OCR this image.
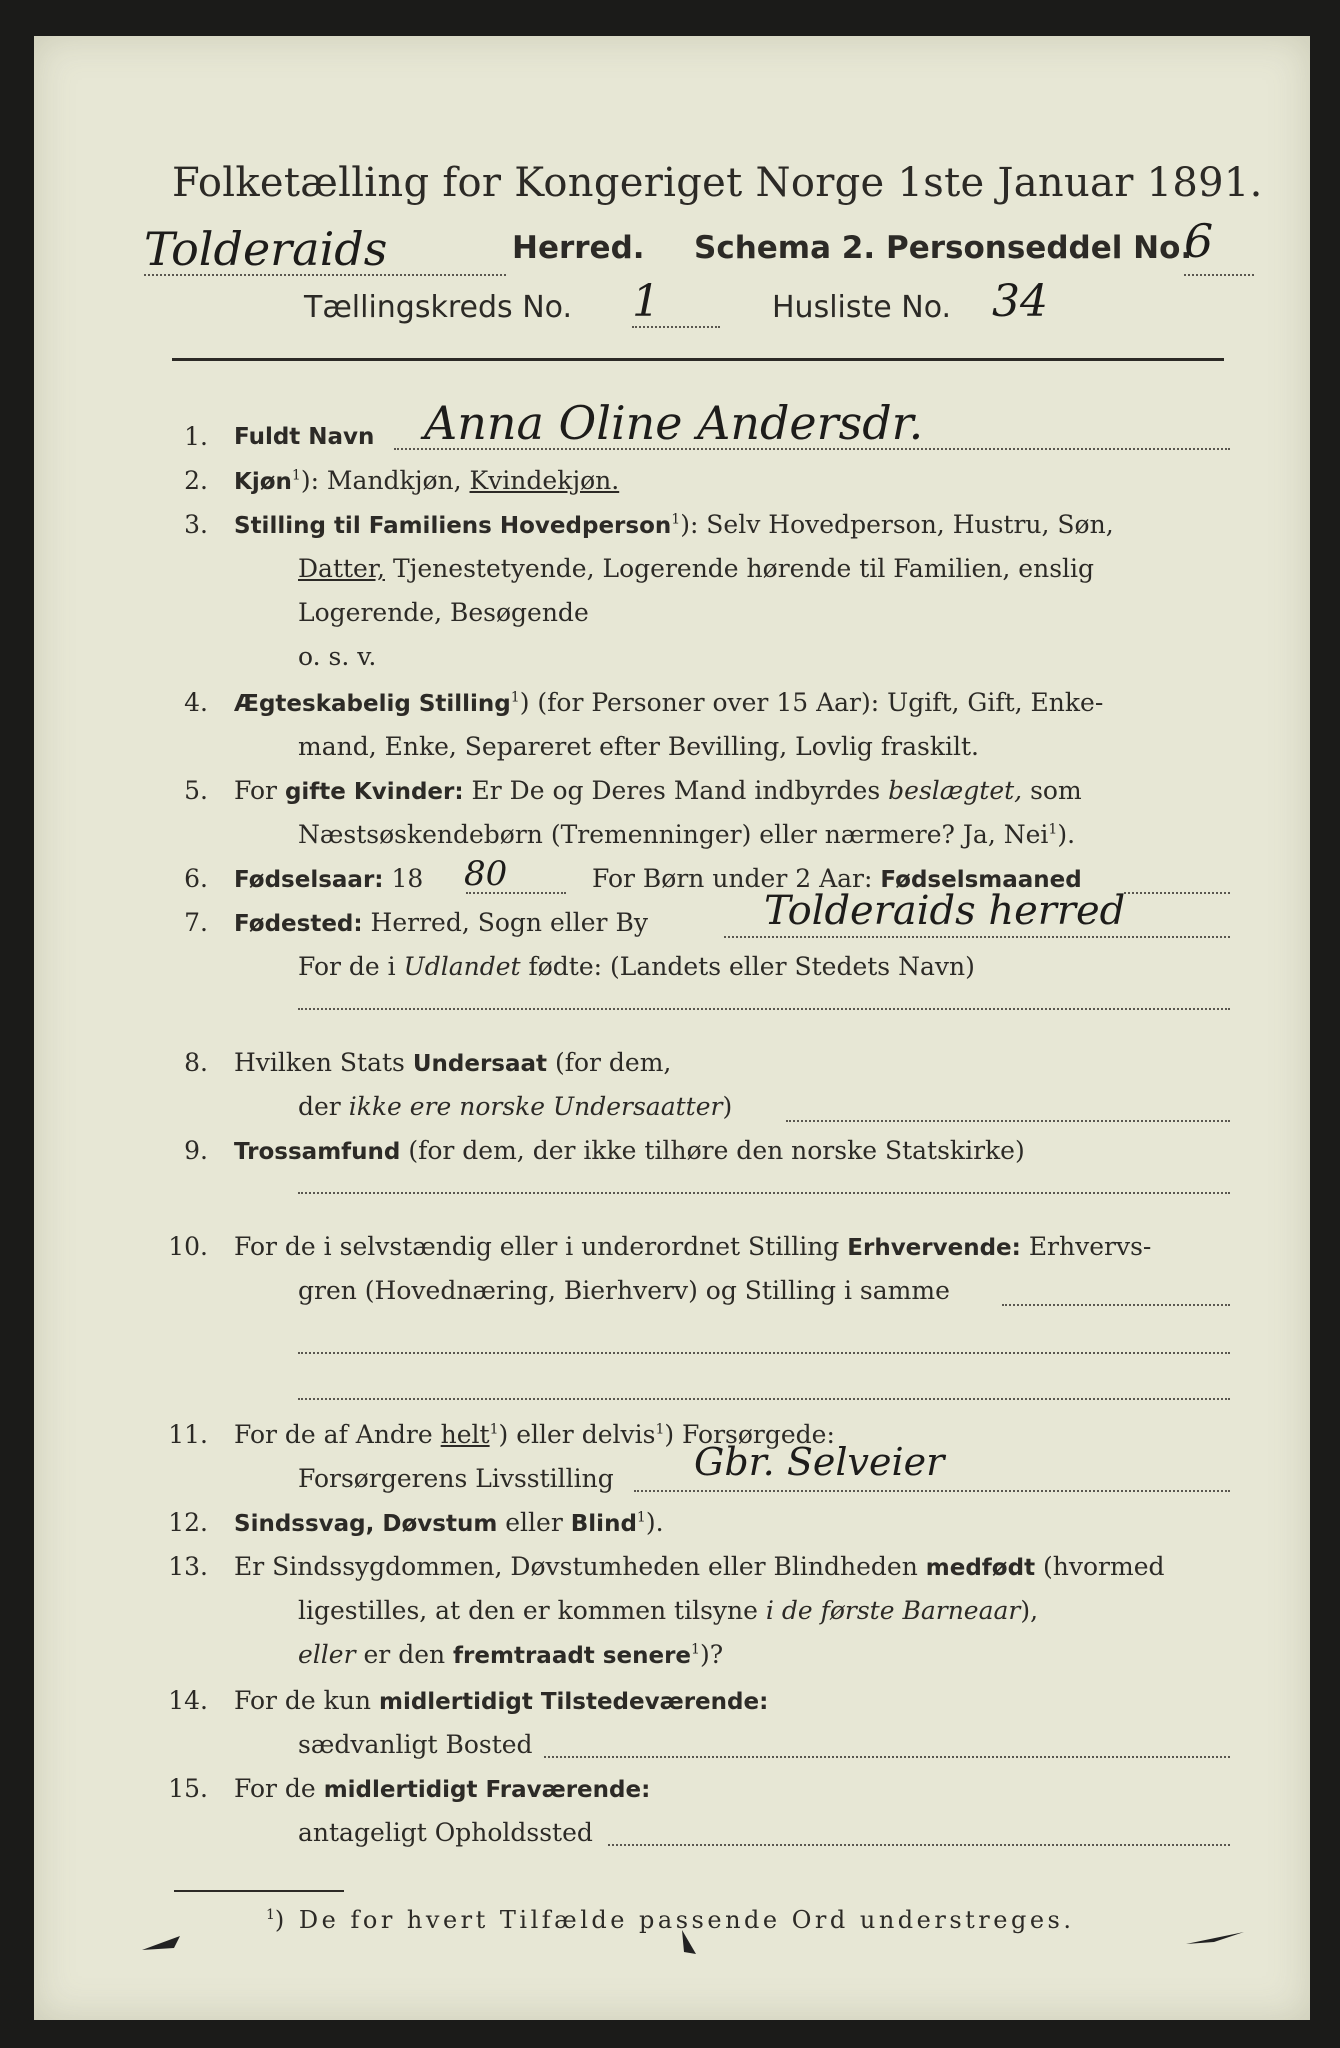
Folketælling for Kongeriget Norge 1ste Januar 1891.
Tolderaids	Herred. Schema 2. Personseddel No.
6
Tællingskreds No. 1	Husliste No. 34
1. Fuldt Navn Anna Oline Andersdr.
2. Kjøn$^1$): Mandkjøn, Kvindekjøn.
3. Stilling til Familiens Hovedperson$^1$): Selv Hovedperson, Hustru, Søn,
Datter, Tjenestetyende, Logerende hørende til Familien, enslig
Logerende, Besøgende
o. s. v.
4. Ægteskabelig Stilling$^1$) (for Personer over 15 Aar): Ugift, Gift, Enke-
mand, Enke, Separeret efter Bevilling, Lovlig fraskilt.
5. For gifte Kvinder: Er De og Deres Mand indbyrdes beslægtet, som
Næstsøskendebørn (Tremenninger) eller nærmere? Ja, Nei$^1$).
6. Fødselsaar: 18 80	For Børn under 2 Aar: Fødselsmaaned
7. Fødested: Herred, Sogn eller By	Tolderaids herred
For de i Udlandet fødte: (Landets eller Stedets Navn)
8. Hvilken Stats Undersaat (for dem,
der ikke ere norske Undersaatter)
9. Trossamfund (for dem, der ikke tilhøre den norske Statskirke)
10. For de i selvstændig eller i underordnet Stilling Erhvervende: Erhvervs-
gren (Hovednæring, Bierhverv) og Stilling i samme
11. For de af Andre helt$^1$) eller delvis$^1$) Forsørgede:
Forsørgerens Livsstilling Gbr. Selveier
12. Sindssvag, Døvstum eller Blind$^1$).
13. Er Sindssygdommen, Døvstumheden eller Blindheden medfødt (hvormed
ligestilles, at den er kommen tilsyne i de første Barneaar),
eller er den fremtraadt senere$^1$)?
14. For de kun midlertidigt Tilstedeværende:
sædvanligt Bosted
15. For de midlertidigt Fraværende:
antageligt Opholdssted
$^1$) De for hvert Tilfælde passende Ord understreges.
